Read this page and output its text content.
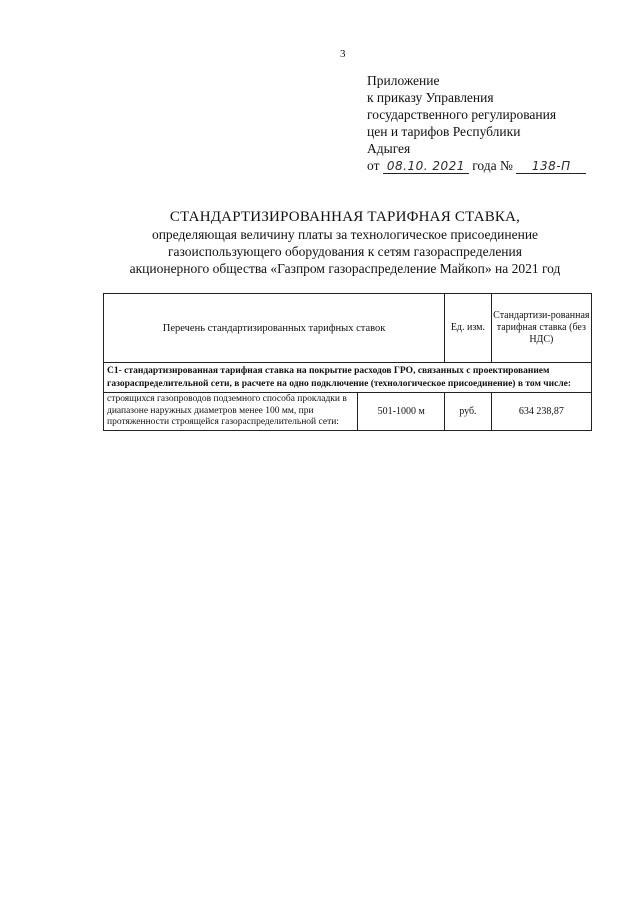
3
Приложение
к приказу Управления
государственного регулирования
цен и тарифов Республики
Адыгея
от 08.10. 2021 года № 138-П
СТАНДАРТИЗИРОВАННАЯ ТАРИФНАЯ СТАВКА,
определяющая величину платы за технологическое присоединение
газоиспользующего оборудования к сетям газораспределения
акционерного общества «Газпром газораспределение Майкоп» на 2021 год
Перечень стандартизированных тарифных ставок		Ед. изм.	Стандартизи-рованная тарифная ставка (без НДС)
С1- стандартизированная тарифная ставка на покрытие расходов ГРО, связанных с проектированием газораспределительной сети, в расчете на одно подключение (технологическое присоединение) в том числе:			
строящихся газопроводов подземного способа прокладки в диапазоне наружных диаметров менее 100 мм, при протяженности строящейся газораспределительной сети:	501-1000 м	руб.	634 238,87
